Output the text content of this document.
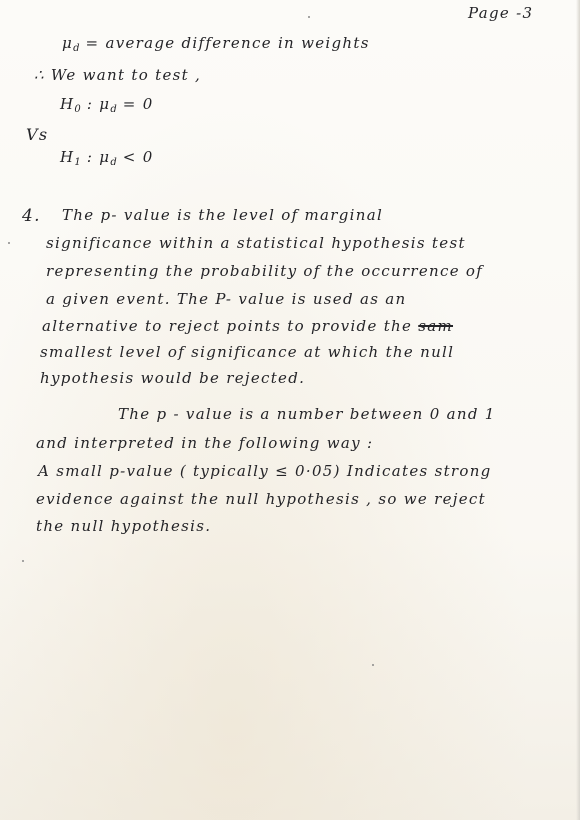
Page -3
$\mu_d$ = average difference in weights
∴ We want to test ,
$H_0$ : $\mu_d = 0$
Vs
$H_1$ : $\mu_d < 0$
4. The p- value is the level of marginal
significance within a statistical hypothesis test
representing the probability of the occurrence of
a given event. The P- value is used as an
alternative to reject points to provide the sam
smallest level of significance at which the null
hypothesis would be rejected.
The p - value is a number between 0 and 1
and interpreted in the following way :
A small p-value ( typically ≤ 0·05) Indicates strong
evidence against the null hypothesis , so we reject
the null hypothesis.
